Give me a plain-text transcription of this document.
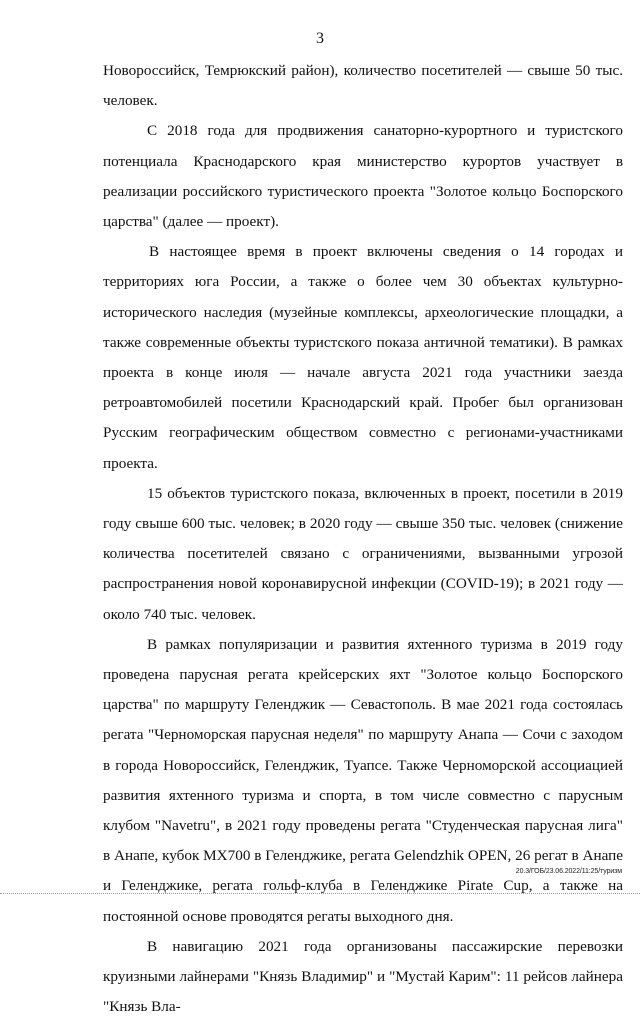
3

Новороссийск, Темрюкский район), количество посетителей — свыше 50 тыс. человек.

С 2018 года для продвижения санаторно-курортного и туристского потенциала Краснодарского края министерство курортов участвует в реализации российского туристического проекта "Золотое кольцо Боспорского царства" (далее — проект).

В настоящее время в проект включены сведения о 14 городах и территориях юга России, а также о более чем 30 объектах культурно-исторического наследия (музейные комплексы, археологические площадки, а также современные объекты туристского показа античной тематики). В рамках проекта в конце июля — начале августа 2021 года участники заезда ретроавтомобилей посетили Краснодарский край. Пробег был организован Русским географическим обществом совместно с регионами-участниками проекта.

15 объектов туристского показа, включенных в проект, посетили в 2019 году свыше 600 тыс. человек; в 2020 году — свыше 350 тыс. человек (снижение количества посетителей связано с ограничениями, вызванными угрозой распространения новой коронавирусной инфекции (COVID-19); в 2021 году — около 740 тыс. человек.

В рамках популяризации и развития яхтенного туризма в 2019 году проведена парусная регата крейсерских яхт "Золотое кольцо Боспорского царства" по маршруту Геленджик — Севастополь. В мае 2021 года состоялась регата "Черноморская парусная неделя" по маршруту Анапа — Сочи с заходом в города Новороссийск, Геленджик, Туапсе. Также Черноморской ассоциацией развития яхтенного туризма и спорта, в том числе совместно с парусным клубом "Navetru", в 2021 году проведены регата "Студенческая парусная лига" в Анапе, кубок MX700 в Геленджике, регата Gelendzhik OPEN, 26 регат в Анапе и Геленджике, регата гольф-клуба в Геленджике Pirate Cup, а также на постоянной основе проводятся регаты выходного дня.

В навигацию 2021 года организованы пассажирские перевозки круизными лайнерами "Князь Владимир" и "Мустай Карим": 11 рейсов лайнера "Князь Вла-

20.3/ГОБ/23.06.2022/11:25/туризм
